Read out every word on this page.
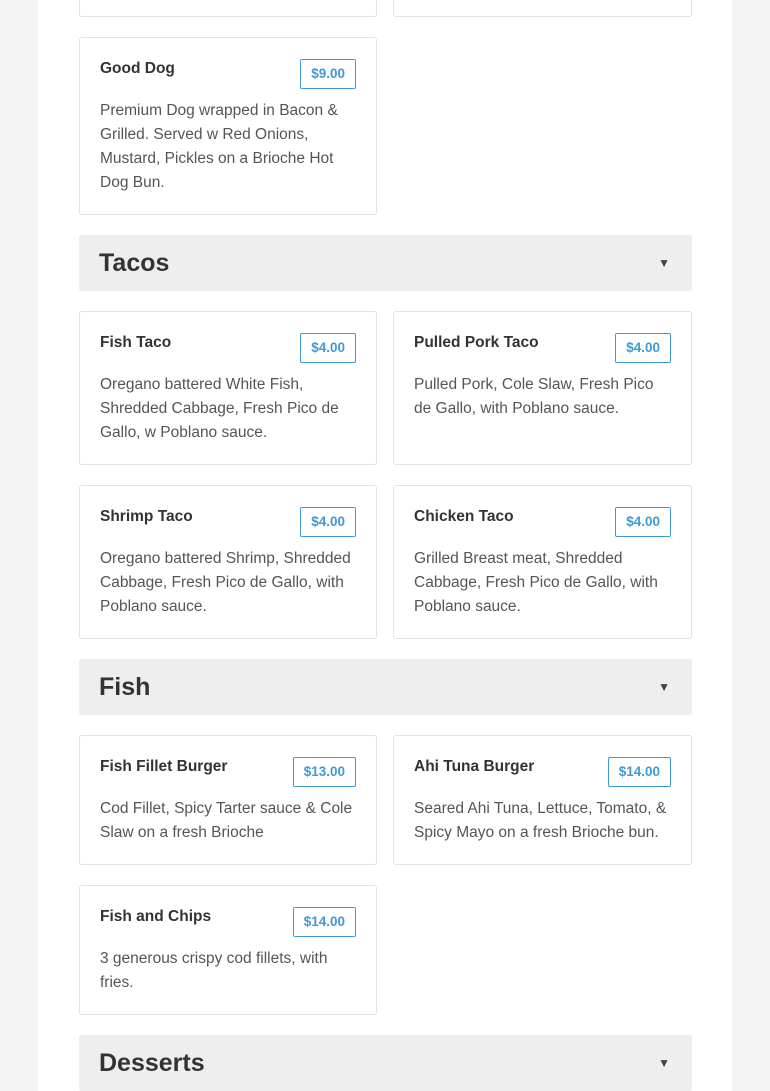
Good Dog	$9.00
Premium Dog wrapped in Bacon & Grilled. Served w Red Onions, Mustard, Pickles on a Brioche Hot Dog Bun.
Tacos	▼
Fish Taco	$4.00
Oregano battered White Fish, Shredded Cabbage, Fresh Pico de Gallo, w Poblano sauce.
Pulled Pork Taco	$4.00
Pulled Pork, Cole Slaw, Fresh Pico de Gallo, with Poblano sauce.
Shrimp Taco	$4.00
Oregano battered Shrimp, Shredded Cabbage, Fresh Pico de Gallo, with Poblano sauce.
Chicken Taco	$4.00
Grilled Breast meat, Shredded Cabbage, Fresh Pico de Gallo, with Poblano sauce.
Fish	▼
Fish Fillet Burger	$13.00
Cod Fillet, Spicy Tarter sauce & Cole Slaw on a fresh Brioche
Ahi Tuna Burger	$14.00
Seared Ahi Tuna, Lettuce, Tomato, & Spicy Mayo on a fresh Brioche bun.
Fish and Chips	$14.00
3 generous crispy cod fillets, with fries.
Desserts	▼
